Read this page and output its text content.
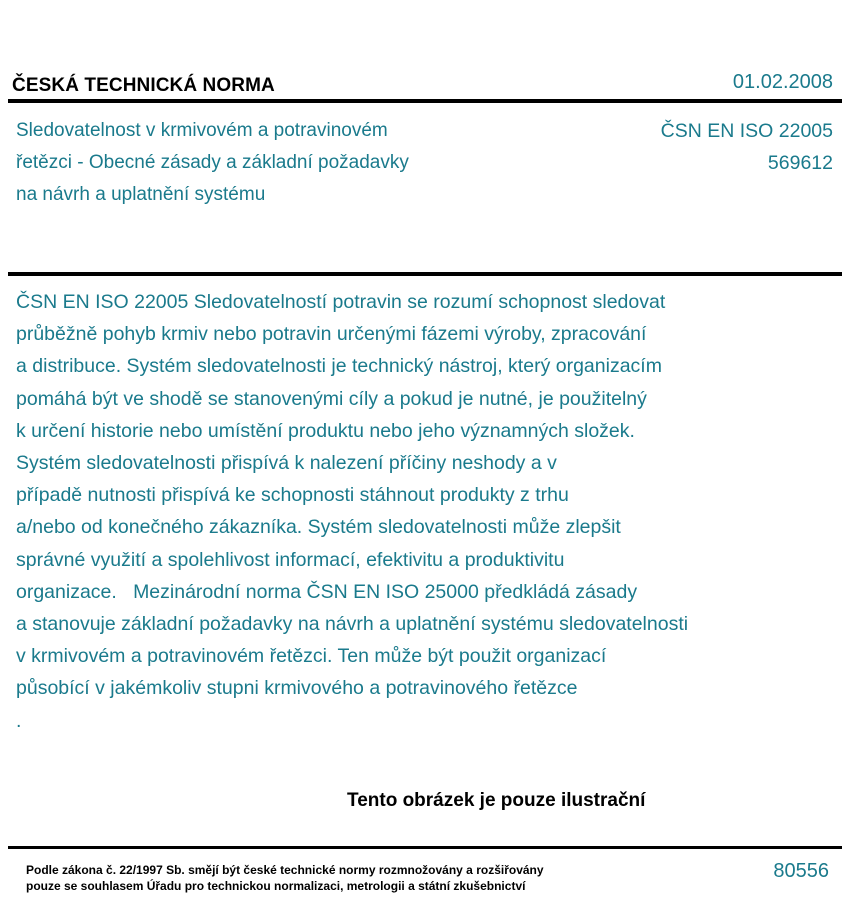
ČESKÁ TECHNICKÁ NORMA	01.02.2008
Sledovatelnost v krmivovém a potravinovém
řetězci - Obecné zásady a základní požadavky
na návrh a uplatnění systému
ČSN EN ISO 22005
569612
ČSN EN ISO 22005 Sledovatelností potravin se rozumí schopnost sledovat
průběžně pohyb krmiv nebo potravin určenými fázemi výroby, zpracování
a distribuce. Systém sledovatelnosti je technický nástroj, který organizacím
pomáhá být ve shodě se stanovenými cíly a pokud je nutné, je použitelný
k určení historie nebo umístění produktu nebo jeho významných složek.
Systém sledovatelnosti přispívá k nalezení příčiny neshody a v
případě nutnosti přispívá ke schopnosti stáhnout produkty z trhu
a/nebo od konečného zákazníka. Systém sledovatelnosti může zlepšit
správné využití a spolehlivost informací, efektivitu a produktivitu
organizace.   Mezinárodní norma ČSN EN ISO 25000 předkládá zásady
a stanovuje základní požadavky na návrh a uplatnění systému sledovatelnosti
v krmivovém a potravinovém řetězci. Ten může být použit organizací
působící v jakémkoliv stupni krmivového a potravinového řetězce
.
Tento obrázek je pouze ilustrační
Podle zákona č. 22/1997 Sb. smějí být české technické normy rozmnožovány a rozšiřovány
pouze se souhlasem Úřadu pro technickou normalizaci, metrologii a státní zkušebnictví
80556
